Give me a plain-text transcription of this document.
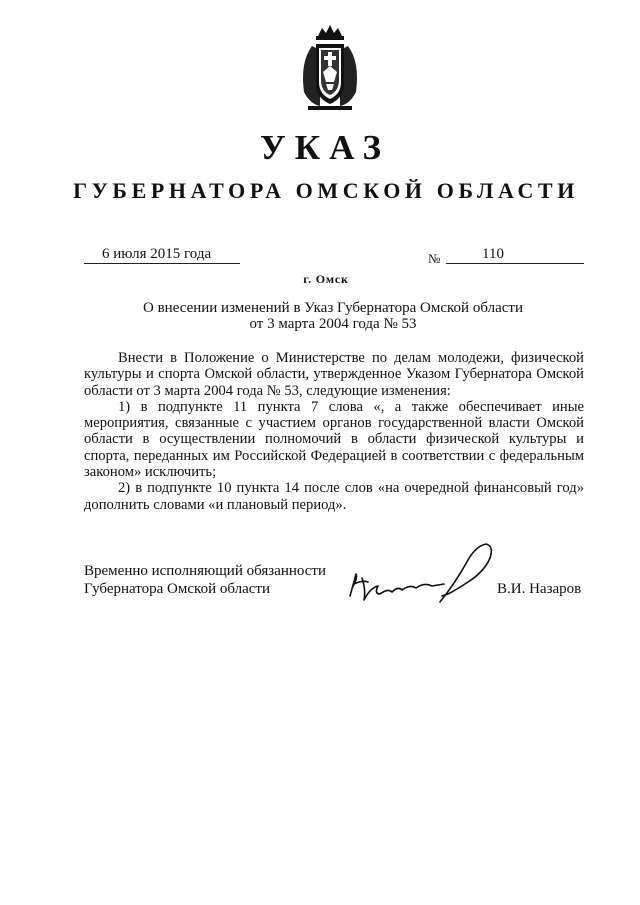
УКАЗ
ГУБЕРНАТОРА ОМСКОЙ ОБЛАСТИ
6 июля 2015 года	№	110
г. Омск
О внесении изменений в Указ Губернатора Омской области
от 3 марта 2004 года № 53

Внести в Положение о Министерстве по делам молодежи, физической культуры и спорта Омской области, утвержденное Указом Губернатора Омской области от 3 марта 2004 года № 53, следующие изменения:

1) в подпункте 11 пункта 7 слова «, а также обеспечивает иные мероприятия, связанные с участием органов государственной власти Омской области в осуществлении полномочий в области физической культуры и спорта, переданных им Российской Федерацией в соответствии с федеральным законом» исключить;

2) в подпункте 10 пункта 14 после слов «на очередной финансовый год» дополнить словами «и плановый период».

Временно исполняющий обязанности
Губернатора Омской области	В.И. Назаров
